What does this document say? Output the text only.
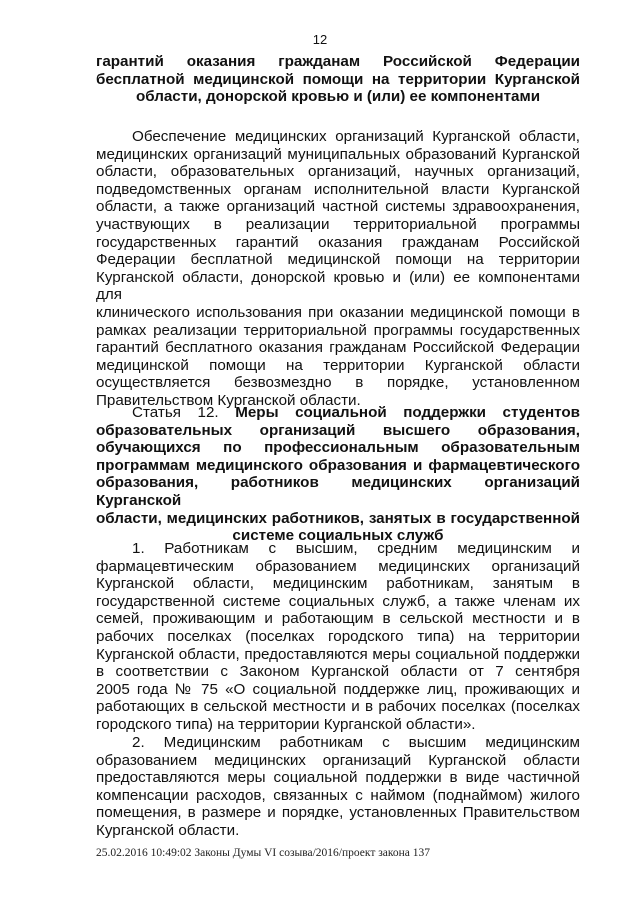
12

гарантий оказания гражданам Российской Федерации

бесплатной медицинской помощи на территории Курганской

области, донорской кровью и (или) ее компонентами

Обеспечение медицинских организаций Курганской области,

медицинских организаций муниципальных образований Курганской

области, образовательных организаций, научных организаций,

подведомственных органам исполнительной власти Курганской

области, а также организаций частной системы здравоохранения,

участвующих в реализации территориальной программы

государственных гарантий оказания гражданам Российской

Федерации бесплатной медицинской помощи на территории

Курганской области, донорской кровью и (или) ее компонентами для

клинического использования при оказании медицинской помощи в

рамках реализации территориальной программы государственных

гарантий бесплатного оказания гражданам Российской Федерации

медицинской помощи на территории Курганской области

осуществляется безвозмездно в порядке, установленном

Правительством Курганской области.

Статья 12. Меры социальной поддержки студентов

образовательных организаций высшего образования,

обучающихся по профессиональным образовательным

программам медицинского образования и фармацевтического

образования, работников медицинских организаций Курганской

области, медицинских работников, занятых в государственной

системе социальных служб

1. Работникам с высшим, средним медицинским и

фармацевтическим образованием медицинских организаций

Курганской области, медицинским работникам, занятым в

государственной системе социальных служб, а также членам их

семей, проживающим и работающим в сельской местности и в

рабочих поселках (поселках городского типа) на территории

Курганской области, предоставляются меры социальной поддержки

в соответствии с Законом Курганской области от 7 сентября

2005 года № 75 «О социальной поддержке лиц, проживающих и

работающих в сельской местности и в рабочих поселках (поселках

городского типа) на территории Курганской области».

2. Медицинским работникам с высшим медицинским

образованием медицинских организаций Курганской области

предоставляются меры социальной поддержки в виде частичной

компенсации расходов, связанных с наймом (поднаймом) жилого

помещения, в размере и порядке, установленных Правительством

Курганской области.

25.02.2016 10:49:02 Законы Думы VI созыва/2016/проект закона 137
